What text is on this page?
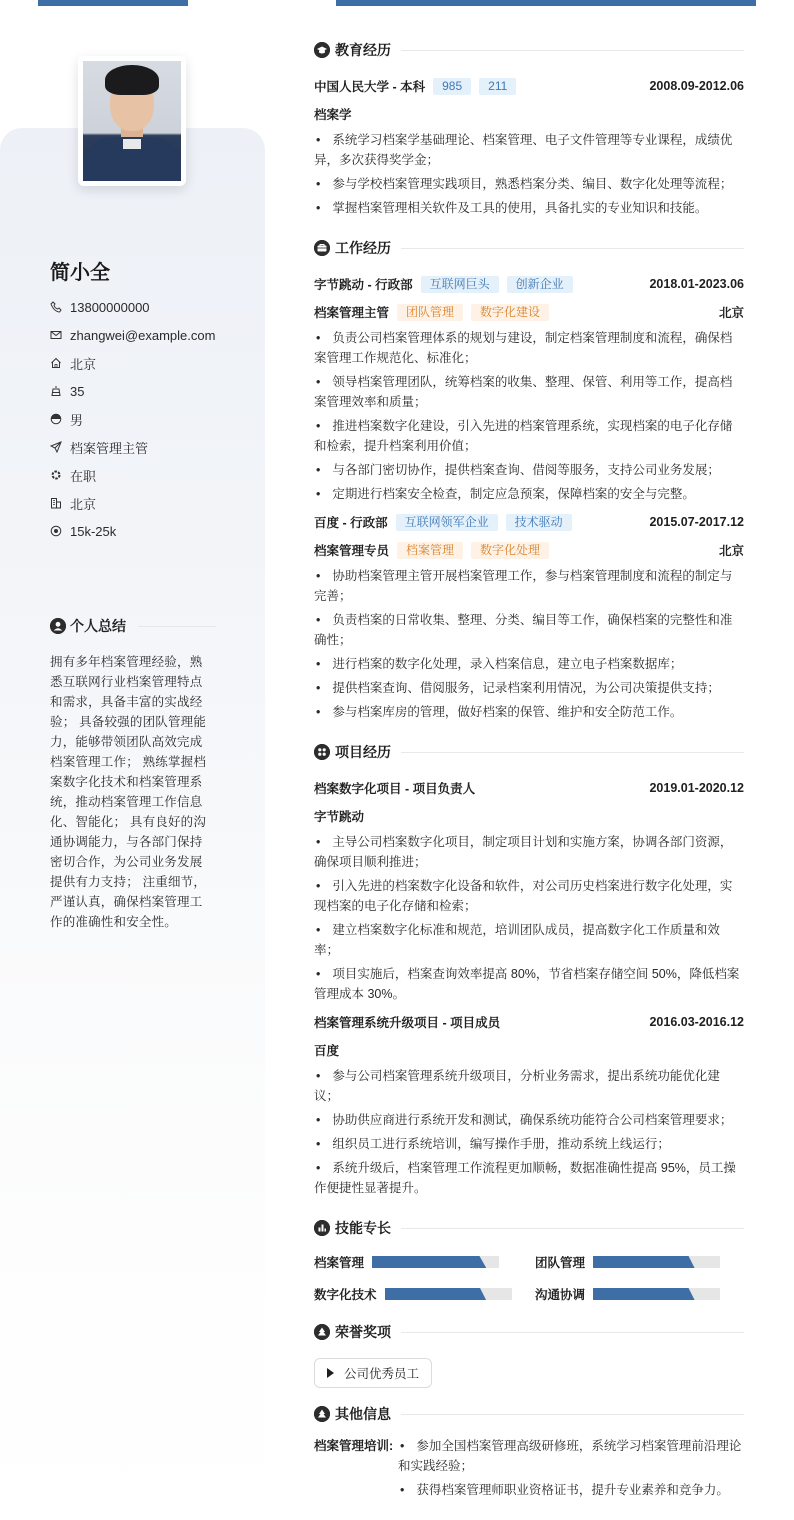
简小全
13800000000
zhangwei@example.com
北京
35
男
档案管理主管
在职
北京
15k-25k
个人总结
拥有多年档案管理经验，熟悉互联网行业档案管理特点和需求，具备丰富的实战经验； 具备较强的团队管理能力，能够带领团队高效完成档案管理工作； 熟练掌握档案数字化技术和档案管理系统，推动档案管理工作信息化、智能化； 具有良好的沟通协调能力，与各部门保持密切合作，为公司业务发展提供有力支持； 注重细节，严谨认真，确保档案管理工作的准确性和安全性。
教育经历
中国人民大学 - 本科	985	211	2008.09-2012.06
档案学
• 系统学习档案学基础理论、档案管理、电子文件管理等专业课程，成绩优异，多次获得奖学金；
• 参与学校档案管理实践项目，熟悉档案分类、编目、数字化处理等流程；
• 掌握档案管理相关软件及工具的使用，具备扎实的专业知识和技能。
工作经历
字节跳动 - 行政部	互联网巨头	创新企业	2018.01-2023.06
档案管理主管	团队管理	数字化建设	北京
• 负责公司档案管理体系的规划与建设，制定档案管理制度和流程，确保档案管理工作规范化、标准化；
• 领导档案管理团队，统筹档案的收集、整理、保管、利用等工作，提高档案管理效率和质量；
• 推进档案数字化建设，引入先进的档案管理系统，实现档案的电子化存储和检索，提升档案利用价值；
• 与各部门密切协作，提供档案查询、借阅等服务，支持公司业务发展；
• 定期进行档案安全检查，制定应急预案，保障档案的安全与完整。
百度 - 行政部	互联网领军企业	技术驱动	2015.07-2017.12
档案管理专员	档案管理	数字化处理	北京
• 协助档案管理主管开展档案管理工作，参与档案管理制度和流程的制定与完善；
• 负责档案的日常收集、整理、分类、编目等工作，确保档案的完整性和准确性；
• 进行档案的数字化处理，录入档案信息，建立电子档案数据库；
• 提供档案查询、借阅服务，记录档案利用情况，为公司决策提供支持；
• 参与档案库房的管理，做好档案的保管、维护和安全防范工作。
项目经历
档案数字化项目 - 项目负责人	2019.01-2020.12
字节跳动
• 主导公司档案数字化项目，制定项目计划和实施方案，协调各部门资源，确保项目顺利推进；
• 引入先进的档案数字化设备和软件，对公司历史档案进行数字化处理，实现档案的电子化存储和检索；
• 建立档案数字化标准和规范，培训团队成员，提高数字化工作质量和效率；
• 项目实施后，档案查询效率提高 80%，节省档案存储空间 50%，降低档案管理成本 30%。
档案管理系统升级项目 - 项目成员	2016.03-2016.12
百度
• 参与公司档案管理系统升级项目，分析业务需求，提出系统功能优化建议；
• 协助供应商进行系统开发和测试，确保系统功能符合公司档案管理要求；
• 组织员工进行系统培训，编写操作手册，推动系统上线运行；
• 系统升级后，档案管理工作流程更加顺畅，数据准确性提高 95%，员工操作便捷性显著提升。
技能专长
档案管理	团队管理
数字化技术	沟通协调
荣誉奖项
公司优秀员工
其他信息
档案管理培训:	• 参加全国档案管理高级研修班，系统学习档案管理前沿理论和实践经验；
• 获得档案管理师职业资格证书，提升专业素养和竞争力。
